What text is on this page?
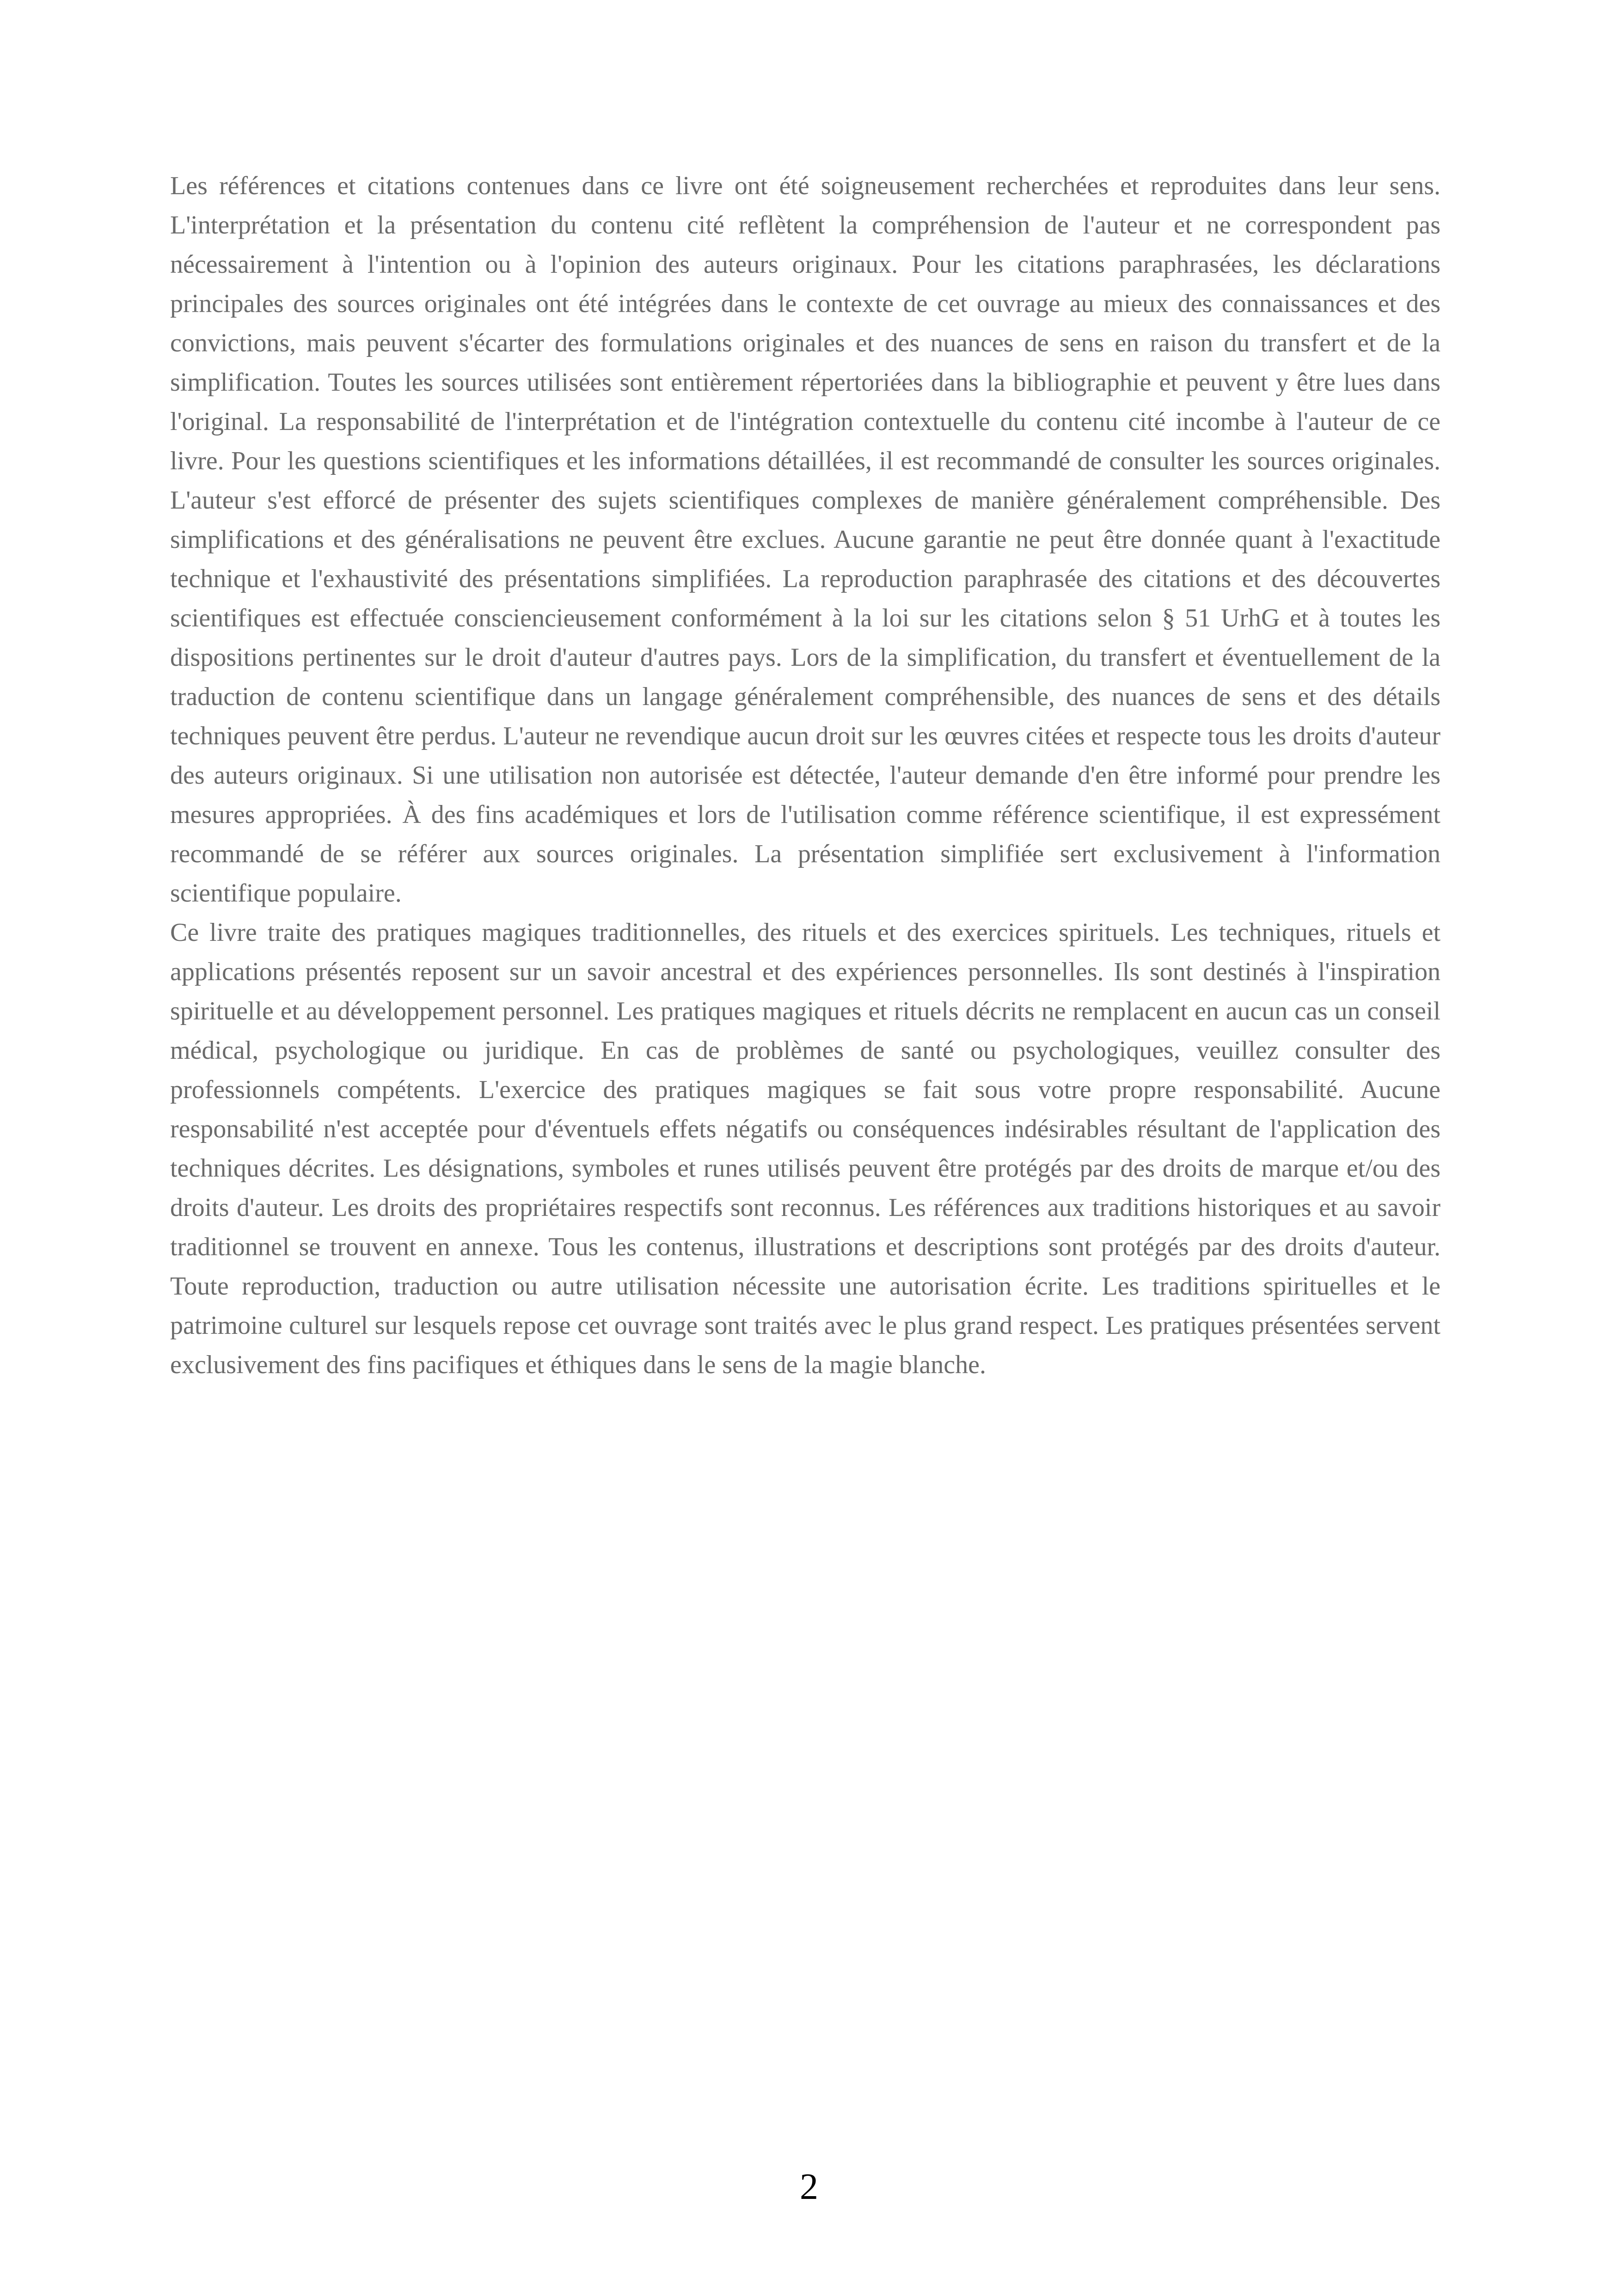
Les références et citations contenues dans ce livre ont été soigneusement recherchées et reproduites dans leur sens. L'interprétation et la présentation du contenu cité reflètent la compréhension de l'auteur et ne correspondent pas nécessairement à l'intention ou à l'opinion des auteurs originaux. Pour les citations paraphrasées, les déclarations principales des sources originales ont été intégrées dans le contexte de cet ouvrage au mieux des connaissances et des convictions, mais peuvent s'écarter des formulations originales et des nuances de sens en raison du transfert et de la simplification. Toutes les sources utilisées sont entièrement répertoriées dans la bibliographie et peuvent y être lues dans l'original. La responsabilité de l'interprétation et de l'intégration contextuelle du contenu cité incombe à l'auteur de ce livre. Pour les questions scientifiques et les informations détaillées, il est recommandé de consulter les sources originales. L'auteur s'est efforcé de présenter des sujets scientifiques complexes de manière généralement compréhensible. Des simplifications et des généralisations ne peuvent être exclues. Aucune garantie ne peut être donnée quant à l'exactitude technique et l'exhaustivité des présentations simplifiées. La reproduction paraphrasée des citations et des découvertes scientifiques est effectuée consciencieusement conformément à la loi sur les citations selon § 51 UrhG et à toutes les dispositions pertinentes sur le droit d'auteur d'autres pays. Lors de la simplification, du transfert et éventuellement de la traduction de contenu scientifique dans un langage généralement compréhensible, des nuances de sens et des détails techniques peuvent être perdus. L'auteur ne revendique aucun droit sur les œuvres citées et respecte tous les droits d'auteur des auteurs originaux. Si une utilisation non autorisée est détectée, l'auteur demande d'en être informé pour prendre les mesures appropriées. À des fins académiques et lors de l'utilisation comme référence scientifique, il est expressément recommandé de se référer aux sources originales. La présentation simplifiée sert exclusivement à l'information scientifique populaire.

Ce livre traite des pratiques magiques traditionnelles, des rituels et des exercices spirituels. Les techniques, rituels et applications présentés reposent sur un savoir ancestral et des expériences personnelles. Ils sont destinés à l'inspiration spirituelle et au développement personnel. Les pratiques magiques et rituels décrits ne remplacent en aucun cas un conseil médical, psychologique ou juridique. En cas de problèmes de santé ou psychologiques, veuillez consulter des professionnels compétents. L'exercice des pratiques magiques se fait sous votre propre responsabilité. Aucune responsabilité n'est acceptée pour d'éventuels effets négatifs ou conséquences indésirables résultant de l'application des techniques décrites. Les désignations, symboles et runes utilisés peuvent être protégés par des droits de marque et/ou des droits d'auteur. Les droits des propriétaires respectifs sont reconnus. Les références aux traditions historiques et au savoir traditionnel se trouvent en annexe. Tous les contenus, illustrations et descriptions sont protégés par des droits d'auteur. Toute reproduction, traduction ou autre utilisation nécessite une autorisation écrite. Les traditions spirituelles et le patrimoine culturel sur lesquels repose cet ouvrage sont traités avec le plus grand respect. Les pratiques présentées servent exclusivement des fins pacifiques et éthiques dans le sens de la magie blanche.

2
